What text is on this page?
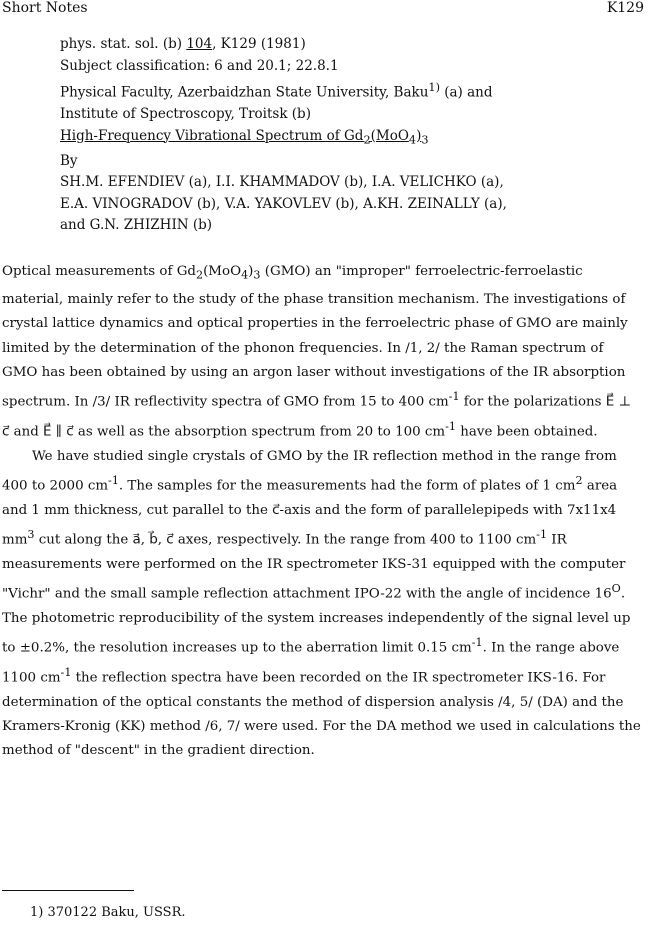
Short Notes	K129
phys. stat. sol. (b) 104, K129 (1981)
Subject classification: 6 and 20.1; 22.8.1
Physical Faculty, Azerbaidzhan State University, Baku$^{1)}$ (a) and
Institute of Spectroscopy, Troitsk (b)
High-Frequency Vibrational Spectrum of $Gd_2(MoO_4)_3$
By
SH.M. EFENDIEV (a), I.I. KHAMMADOV (b), I.A. VELICHKO (a),
E.A. VINOGRADOV (b), V.A. YAKOVLEV (b), A.KH. ZEINALLY (a),
and G.N. ZHIZHIN (b)

Optical measurements of $Gd_2(MoO_4)_3$ (GMO) an "improper" ferroelectric-ferroelastic material, mainly refer to the study of the phase transition mechanism. The investigations of crystal lattice dynamics and optical properties in the ferroelectric phase of GMO are mainly limited by the determination of the phonon frequencies. In /1, 2/ the Raman spectrum of GMO has been obtained by using an argon laser without investigations of the IR absorption spectrum. In /3/ IR reflectivity spectra of GMO from 15 to 400 $cm^{-1}$ for the polarizations E⃗ ⊥ c⃗ and E⃗ ∥ c⃗ as well as the absorption spectrum from 20 to 100 $cm^{-1}$ have been obtained.

We have studied single crystals of GMO by the IR reflection method in the range from 400 to 2000 $cm^{-1}$. The samples for the measurements had the form of plates of 1 $cm^2$ area and 1 mm thickness, cut parallel to the c⃗-axis and the form of parallelepipeds with 7x11x4 $mm^3$ cut along the a⃗, b⃗, c⃗ axes, respectively. In the range from 400 to 1100 $cm^{-1}$ IR measurements were performed on the IR spectrometer IKS-31 equipped with the computer "Vichr" and the small sample reflection attachment IPO-22 with the angle of incidence $16^O$. The photometric reproducibility of the system increases independently of the signal level up to ±0.2%, the resolution increases up to the aberration limit 0.15 $cm^{-1}$. In the range above 1100 $cm^{-1}$ the reflection spectra have been recorded on the IR spectrometer IKS-16. For determination of the optical constants the method of dispersion analysis /4, 5/ (DA) and the Kramers-Kronig (KK) method /6, 7/ were used. For the DA method we used in calculations the method of "descent" in the gradient direction.

1) 370122 Baku, USSR.
